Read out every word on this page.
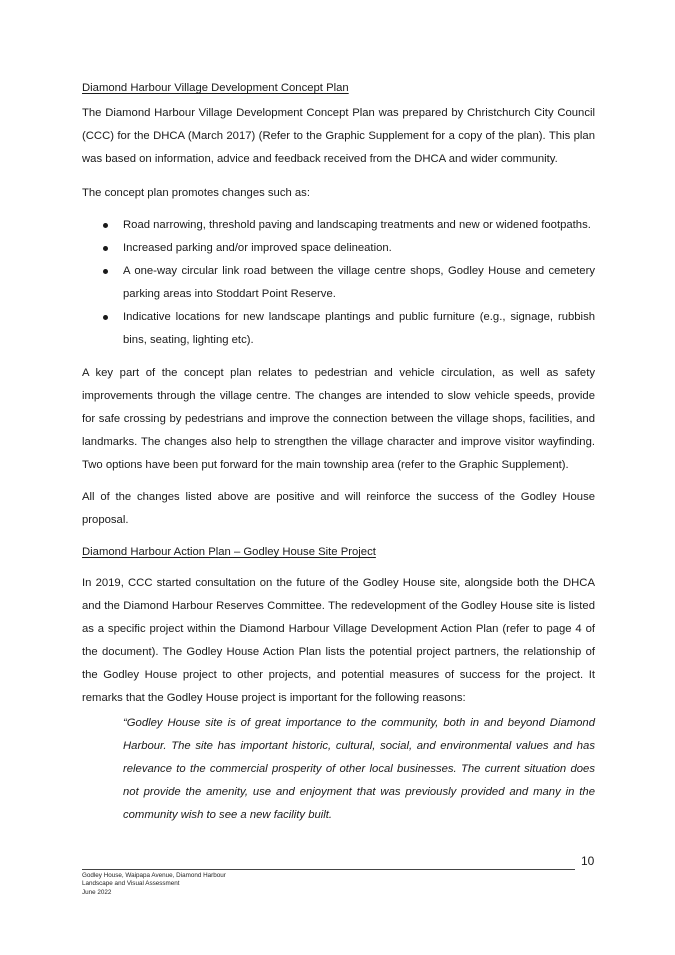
Diamond Harbour Village Development Concept Plan

The Diamond Harbour Village Development Concept Plan was prepared by Christchurch City Council (CCC) for the DHCA (March 2017) (Refer to the Graphic Supplement for a copy of the plan). This plan was based on information, advice and feedback received from the DHCA and wider community.

The concept plan promotes changes such as:

Road narrowing, threshold paving and landscaping treatments and new or widened footpaths.
Increased parking and/or improved space delineation.
A one-way circular link road between the village centre shops, Godley House and cemetery parking areas into Stoddart Point Reserve.
Indicative locations for new landscape plantings and public furniture (e.g., signage, rubbish bins, seating, lighting etc).

A key part of the concept plan relates to pedestrian and vehicle circulation, as well as safety improvements through the village centre. The changes are intended to slow vehicle speeds, provide for safe crossing by pedestrians and improve the connection between the village shops, facilities, and landmarks. The changes also help to strengthen the village character and improve visitor wayfinding. Two options have been put forward for the main township area (refer to the Graphic Supplement).

All of the changes listed above are positive and will reinforce the success of the Godley House proposal.

Diamond Harbour Action Plan – Godley House Site Project

In 2019, CCC started consultation on the future of the Godley House site, alongside both the DHCA and the Diamond Harbour Reserves Committee. The redevelopment of the Godley House site is listed as a specific project within the Diamond Harbour Village Development Action Plan (refer to page 4 of the document). The Godley House Action Plan lists the potential project partners, the relationship of the Godley House project to other projects, and potential measures of success for the project. It remarks that the Godley House project is important for the following reasons:

“Godley House site is of great importance to the community, both in and beyond Diamond Harbour. The site has important historic, cultural, social, and environmental values and has relevance to the commercial prosperity of other local businesses. The current situation does not provide the amenity, use and enjoyment that was previously provided and many in the community wish to see a new facility built.

10
Godley House, Waipapa Avenue, Diamond Harbour
Landscape and Visual Assessment
June 2022
